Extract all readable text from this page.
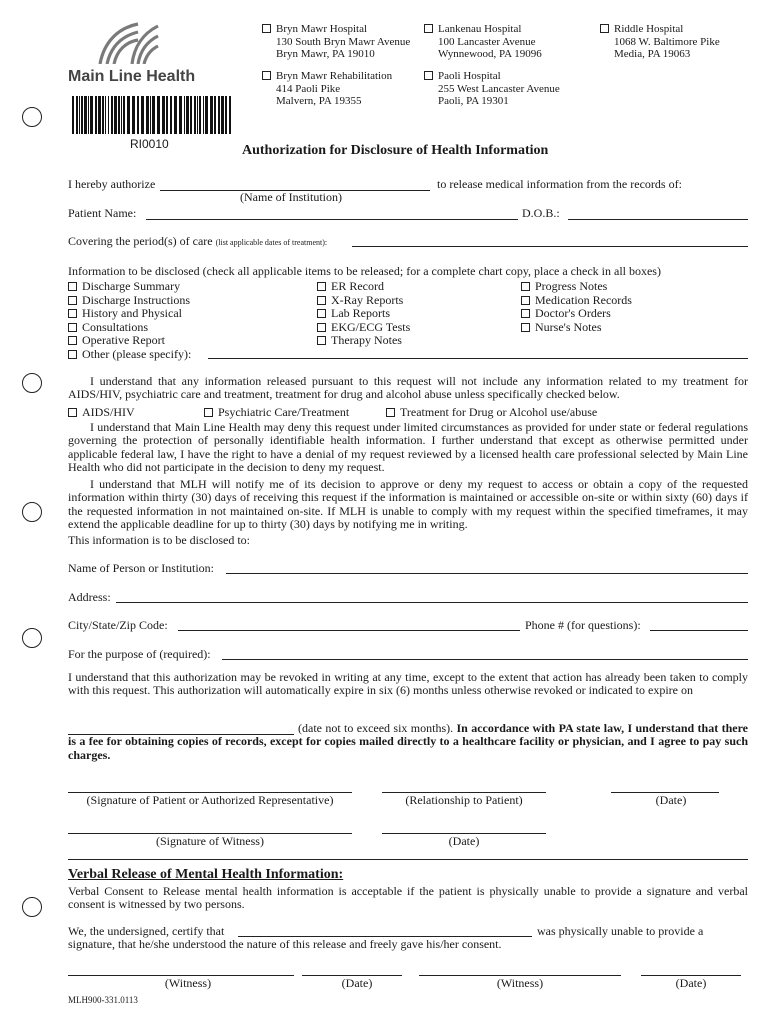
Main Line Health
RI0010
Bryn Mawr Hospital
130 South Bryn Mawr Avenue
Bryn Mawr, PA 19010
Lankenau Hospital
100 Lancaster Avenue
Wynnewood, PA 19096
Riddle Hospital
1068 W. Baltimore Pike
Media, PA 19063
Bryn Mawr Rehabilitation
414 Paoli Pike
Malvern, PA 19355
Paoli Hospital
255 West Lancaster Avenue
Paoli, PA 19301
Authorization for Disclosure of Health Information
I hereby authorize	to release medical information from the records of:
(Name of Institution)
Patient Name:	D.O.B.:
Covering the period(s) of care (list applicable dates of treatment):
Information to be disclosed (check all applicable items to be released; for a complete chart copy, place a check in all boxes)
Discharge Summary
Discharge Instructions
History and Physical
Consultations
Operative Report
Other (please specify):
ER Record
X-Ray Reports
Lab Reports
EKG/ECG Tests
Therapy Notes
Progress Notes
Medication Records
Doctor's Orders
Nurse's Notes
I understand that any information released pursuant to this request will not include any information related to my treatment for AIDS/HIV, psychiatric care and treatment, treatment for drug and alcohol abuse unless specifically checked below.
AIDS/HIV	Psychiatric Care/Treatment	Treatment for Drug or Alcohol use/abuse
I understand that Main Line Health may deny this request under limited circumstances as provided for under state or federal regulations governing the protection of personally identifiable health information. I further understand that except as otherwise permitted under applicable federal law, I have the right to have a denial of my request reviewed by a licensed health care professional selected by Main Line Health who did not participate in the decision to deny my request.
I understand that MLH will notify me of its decision to approve or deny my request to access or obtain a copy of the requested information within thirty (30) days of receiving this request if the information is maintained or accessible on-site or within sixty (60) days if the requested information in not maintained on-site. If MLH is unable to comply with my request within the specified timeframes, it may extend the applicable deadline for up to thirty (30) days by notifying me in writing.
This information is to be disclosed to:
Name of Person or Institution:
Address:
City/State/Zip Code:	Phone # (for questions):
For the purpose of (required):
I understand that this authorization may be revoked in writing at any time, except to the extent that action has already been taken to comply with this request. This authorization will automatically expire in six (6) months unless otherwise revoked or indicated to expire on
(date not to exceed six months). In accordance with PA state law, I understand that there is a fee for obtaining copies of records, except for copies mailed directly to a healthcare facility or physician, and I agree to pay such charges.
(Signature of Patient or Authorized Representative)	(Relationship to Patient)	(Date)
(Signature of Witness)	(Date)
Verbal Release of Mental Health Information:
Verbal Consent to Release mental health information is acceptable if the patient is physically unable to provide a signature and verbal consent is witnessed by two persons.
We, the undersigned, certify that	was physically unable to provide a
signature, that he/she understood the nature of this release and freely gave his/her consent.
(Witness)	(Date)	(Witness)	(Date)
MLH900-331.0113
